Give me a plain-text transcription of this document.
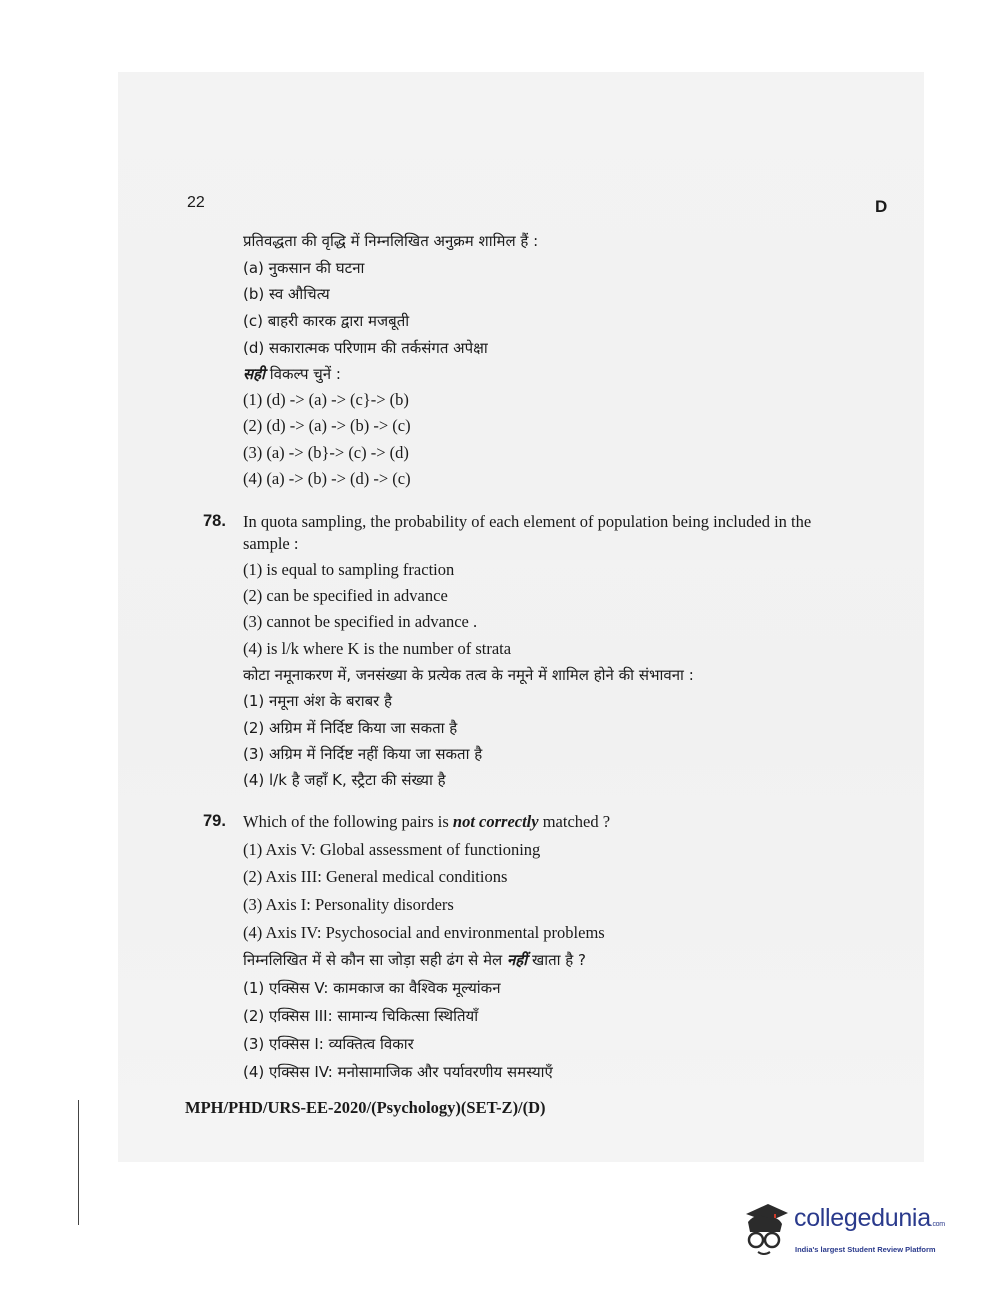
22	D
प्रतिवद्धता की वृद्धि में निम्नलिखित अनुक्रम शामिल हैं :
(a) नुकसान की घटना
(b) स्व औचित्य
(c) बाहरी कारक द्वारा मजबूती
(d) सकारात्मक परिणाम की तर्कसंगत अपेक्षा
सही विकल्प चुनें :
(1) (d) -> (a) -> (c}-> (b)
(2) (d) -> (a) -> (b) -> (c)
(3) (a) -> (b}-> (c) -> (d)
(4) (a) -> (b) -> (d) -> (c)
78. In quota sampling, the probability of each element of population being included in the
sample :
(1) is equal to sampling fraction
(2) can be specified in advance
(3) cannot be specified in advance .
(4) is l/k where K is the number of strata
कोटा नमूनाकरण में, जनसंख्या के प्रत्येक तत्व के नमूने में शामिल होने की संभावना :
(1) नमूना अंश के बराबर है
(2) अग्रिम में निर्दिष्ट किया जा सकता है
(3) अग्रिम में निर्दिष्ट नहीं किया जा सकता है
(4) l/k है जहाँ K, स्ट्रैटा की संख्या है
79. Which of the following pairs is not correctly matched ?
(1) Axis V: Global assessment of functioning
(2) Axis III: General medical conditions
(3) Axis I: Personality disorders
(4) Axis IV: Psychosocial and environmental problems
निम्नलिखित में से कौन सा जोड़ा सही ढंग से मेल नहीं खाता है ?
(1) एक्सिस V: कामकाज का वैश्विक मूल्यांकन
(2) एक्सिस III: सामान्य चिकित्सा स्थितियाँ
(3) एक्सिस I: व्यक्तित्व विकार
(4) एक्सिस IV: मनोसामाजिक और पर्यावरणीय समस्याएँ
MPH/PHD/URS-EE-2020/(Psychology)(SET-Z)/(D)
collegedunia.com
India's largest Student Review Platform
